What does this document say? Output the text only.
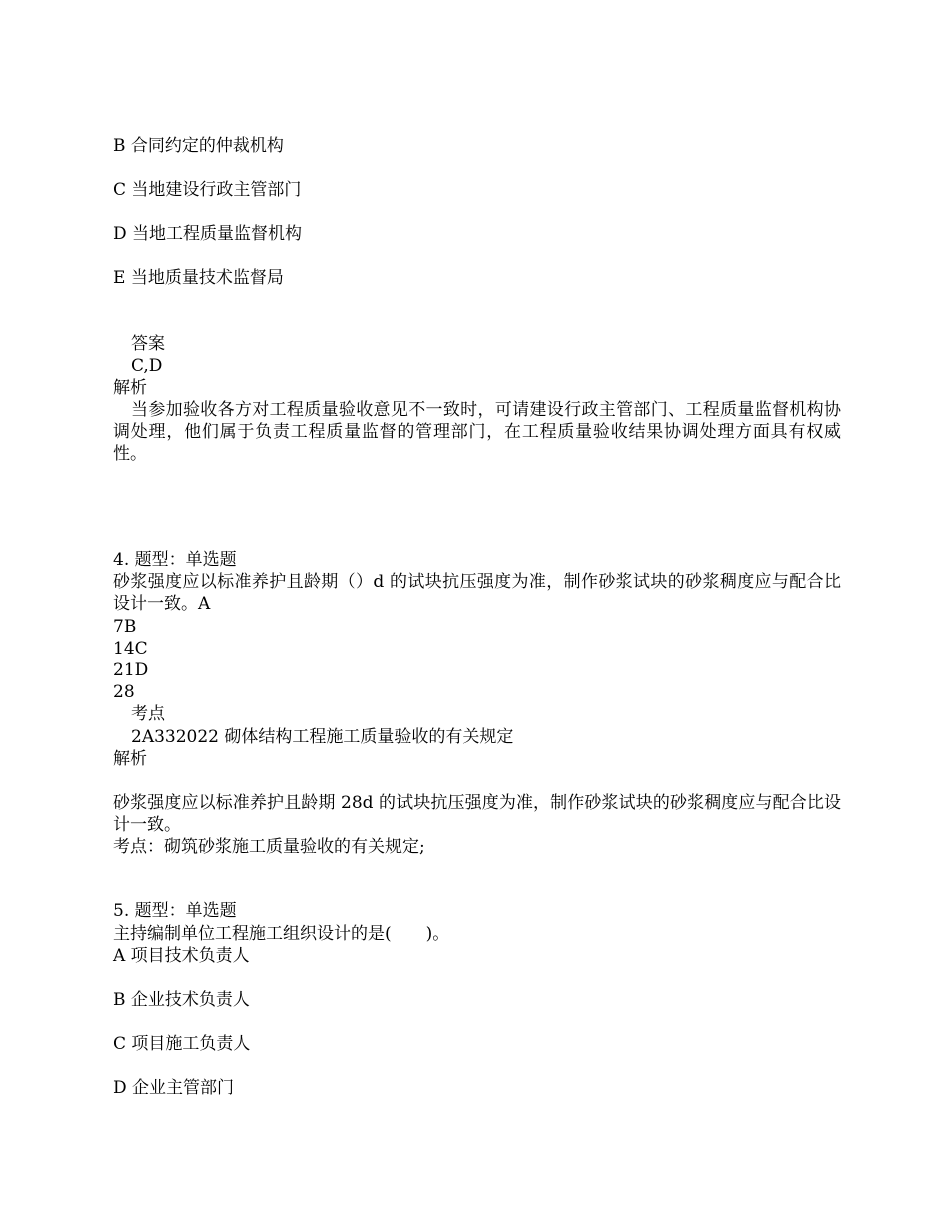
B 合同约定的仲裁机构
C 当地建设行政主管部门
D 当地工程质量监督机构
E 当地质量技术监督局
答案
C,D
解析
当参加验收各方对工程质量验收意见不一致时，可请建设行政主管部门、工程质量监督机构协调处理，他们属于负责工程质量监督的管理部门，在工程质量验收结果协调处理方面具有权威性。
4. 题型：单选题
砂浆强度应以标准养护且龄期（）d 的试块抗压强度为准，制作砂浆试块的砂浆稠度应与配合比设计一致。A
7B
14C
21D
28
考点
2A332022 砌体结构工程施工质量验收的有关规定
解析
砂浆强度应以标准养护且龄期 28d 的试块抗压强度为准，制作砂浆试块的砂浆稠度应与配合比设计一致。
考点：砌筑砂浆施工质量验收的有关规定;
5. 题型：单选题
主持编制单位工程施工组织设计的是(　　)。
A 项目技术负责人
B 企业技术负责人
C 项目施工负责人
D 企业主管部门
